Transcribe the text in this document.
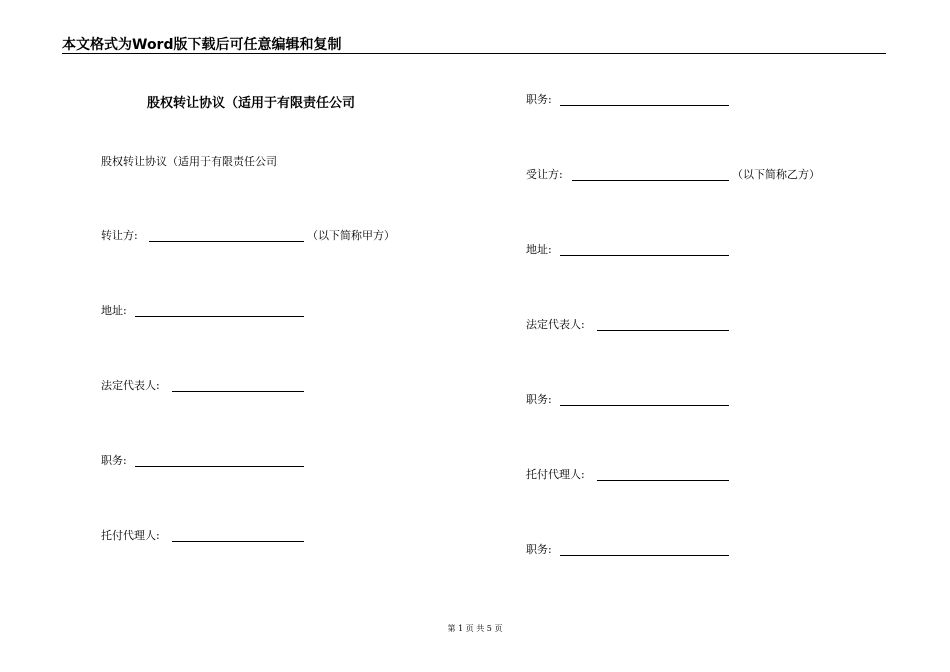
本文格式为Word版下载后可任意编辑和复制
股权转让协议（适用于有限责任公司
股权转让协议（适用于有限责任公司
转让方:	（以下简称甲方）
地址:
法定代表人:
职务:
托付代理人:
职务:
受让方:	（以下简称乙方）
地址:
法定代表人:
职务:
托付代理人:
职务:
第 1 页 共 5 页
